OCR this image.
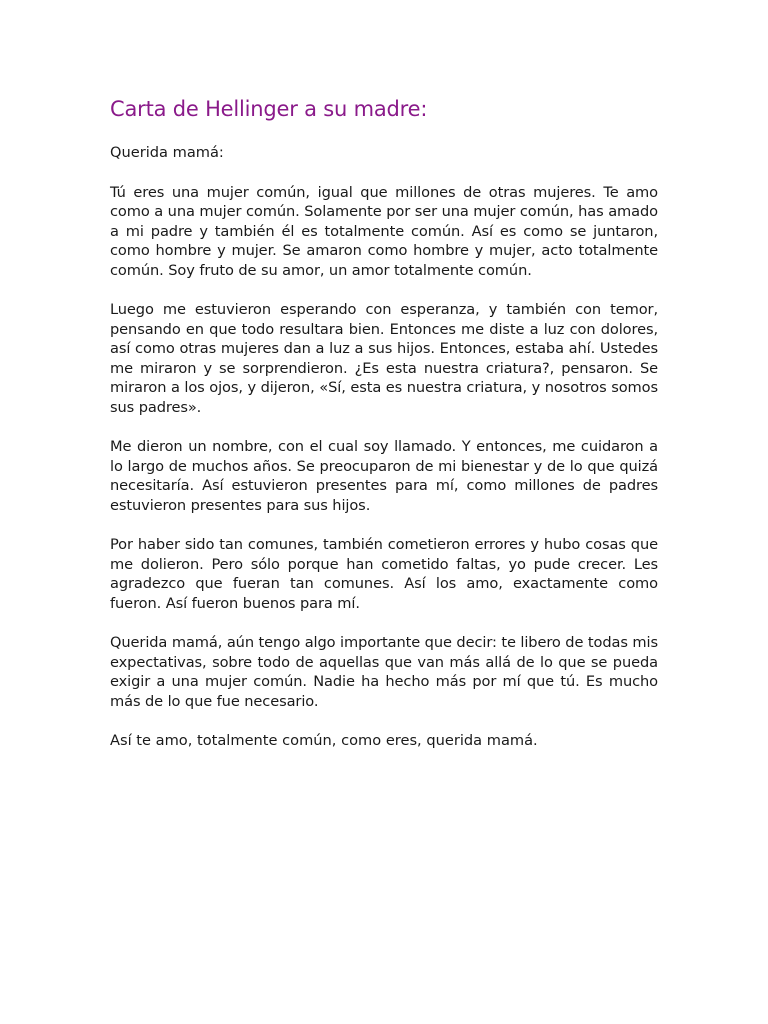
Carta de Hellinger a su madre:

Querida mamá:

Tú eres una mujer común, igual que millones de otras mujeres. Te amo como a una mujer común. Solamente por ser una mujer común, has amado a mi padre y también él es totalmente común. Así es como se juntaron, como hombre y mujer. Se amaron como hombre y mujer, acto totalmente común. Soy fruto de su amor, un amor totalmente común.

Luego me estuvieron esperando con esperanza, y también con temor, pensando en que todo resultara bien. Entonces me diste a luz con dolores, así como otras mujeres dan a luz a sus hijos. Entonces, estaba ahí. Ustedes me miraron y se sorprendieron. ¿Es esta nuestra criatura?, pensaron. Se miraron a los ojos, y dijeron, «Sí, esta es nuestra criatura, y nosotros somos sus padres».

Me dieron un nombre, con el cual soy llamado. Y entonces, me cuidaron a lo largo de muchos años. Se preocuparon de mi bienestar y de lo que quizá necesitaría. Así estuvieron presentes para mí, como millones de padres estuvieron presentes para sus hijos.

Por haber sido tan comunes, también cometieron errores y hubo cosas que me dolieron. Pero sólo porque han cometido faltas, yo pude crecer. Les agradezco que fueran tan comunes. Así los amo, exactamente como fueron. Así fueron buenos para mí.

Querida mamá, aún tengo algo importante que decir: te libero de todas mis expectativas, sobre todo de aquellas que van más allá de lo que se pueda exigir a una mujer común. Nadie ha hecho más por mí que tú. Es mucho más de lo que fue necesario.

Así te amo, totalmente común, como eres, querida mamá.
